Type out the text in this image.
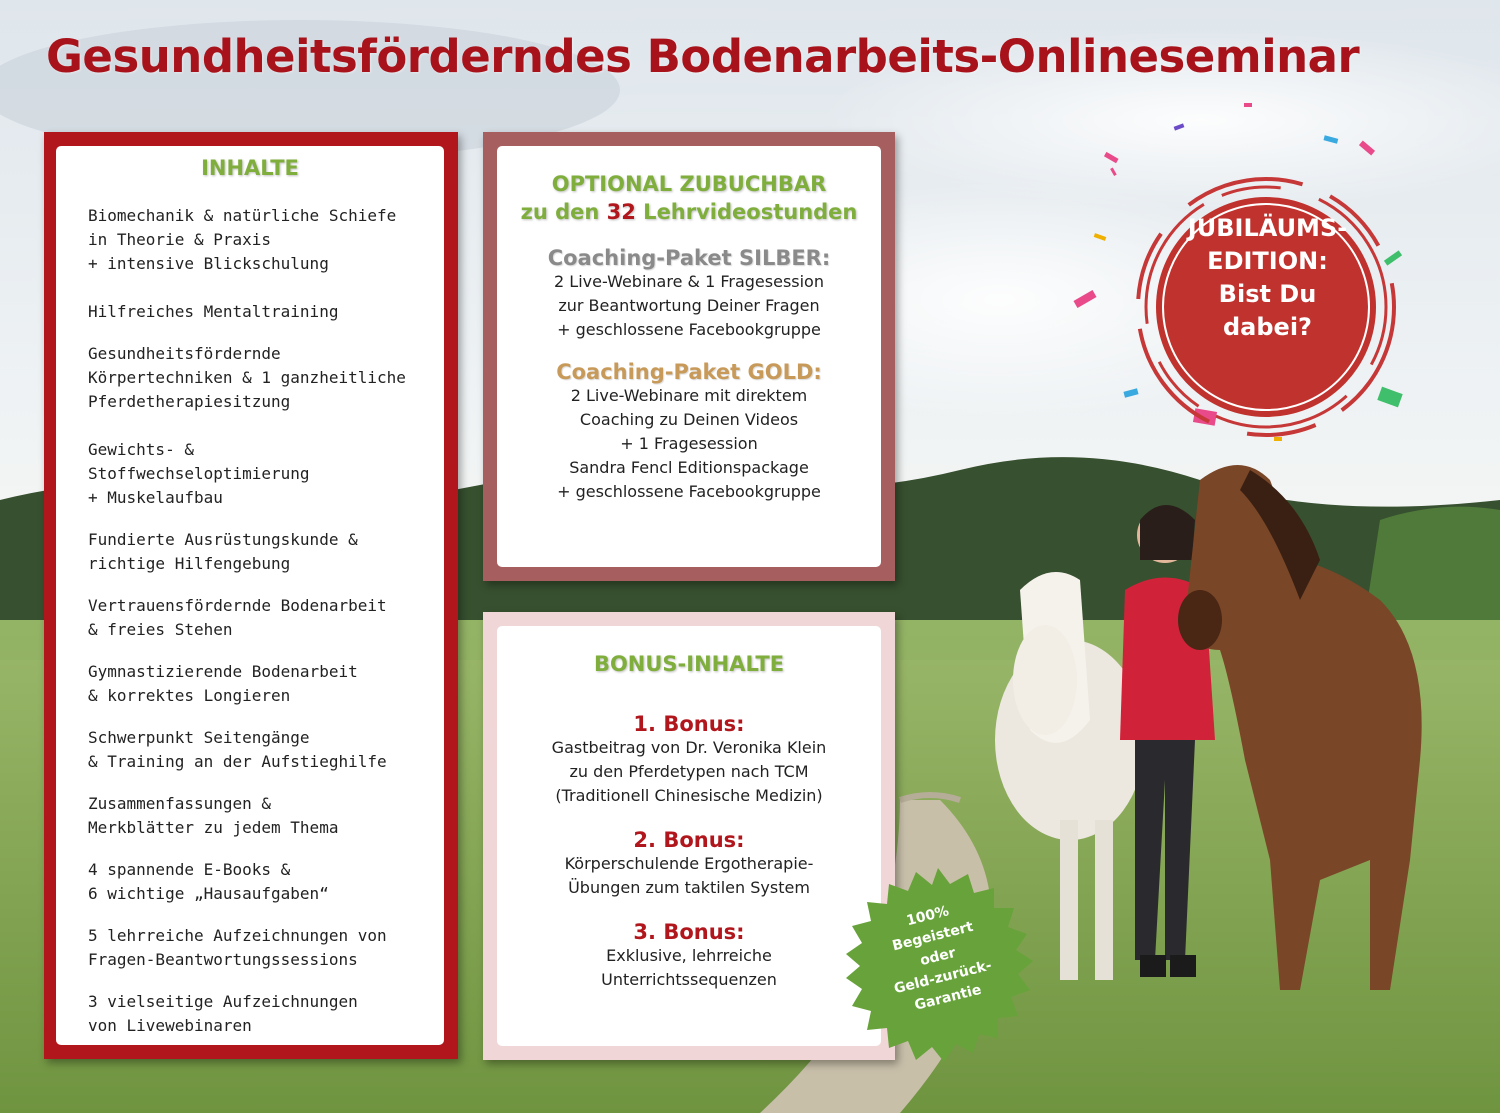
Gesundheitsförderndes Bodenarbeits-Onlineseminar
INHALTE
Biomechanik & natürliche Schiefe
in Theorie & Praxis
+ intensive Blickschulung
Hilfreiches Mentaltraining
Gesundheitsfördernde
Körpertechniken & 1 ganzheitliche
Pferdetherapiesitzung
Gewichts- &
Stoffwechseloptimierung
+ Muskelaufbau
Fundierte Ausrüstungskunde &
richtige Hilfengebung
Vertrauensfördernde Bodenarbeit
& freies Stehen
Gymnastizierende Bodenarbeit
& korrektes Longieren
Schwerpunkt Seitengänge
& Training an der Aufstieghilfe
Zusammenfassungen &
Merkblätter zu jedem Thema
4 spannende E-Books &
6 wichtige „Hausaufgaben“
5 lehrreiche Aufzeichnungen von
Fragen-Beantwortungssessions
3 vielseitige Aufzeichnungen
von Livewebinaren
OPTIONAL ZUBUCHBAR
zu den 32 Lehrvideostunden
Coaching-Paket SILBER:
2 Live-Webinare & 1 Fragesession
zur Beantwortung Deiner Fragen
+ geschlossene Facebookgruppe
Coaching-Paket GOLD:
2 Live-Webinare mit direktem
Coaching zu Deinen Videos
+ 1 Fragesession
Sandra Fencl Editionspackage
+ geschlossene Facebookgruppe
BONUS-INHALTE
1. Bonus:
Gastbeitrag von Dr. Veronika Klein
zu den Pferdetypen nach TCM
(Traditionell Chinesische Medizin)
2. Bonus:
Körperschulende Ergotherapie-
Übungen zum taktilen System
3. Bonus:
Exklusive, lehrreiche
Unterrichtssequenzen
JUBILÄUMS-
EDITION:
Bist Du
dabei?
100%
Begeistert
oder
Geld-zurück-
Garantie
